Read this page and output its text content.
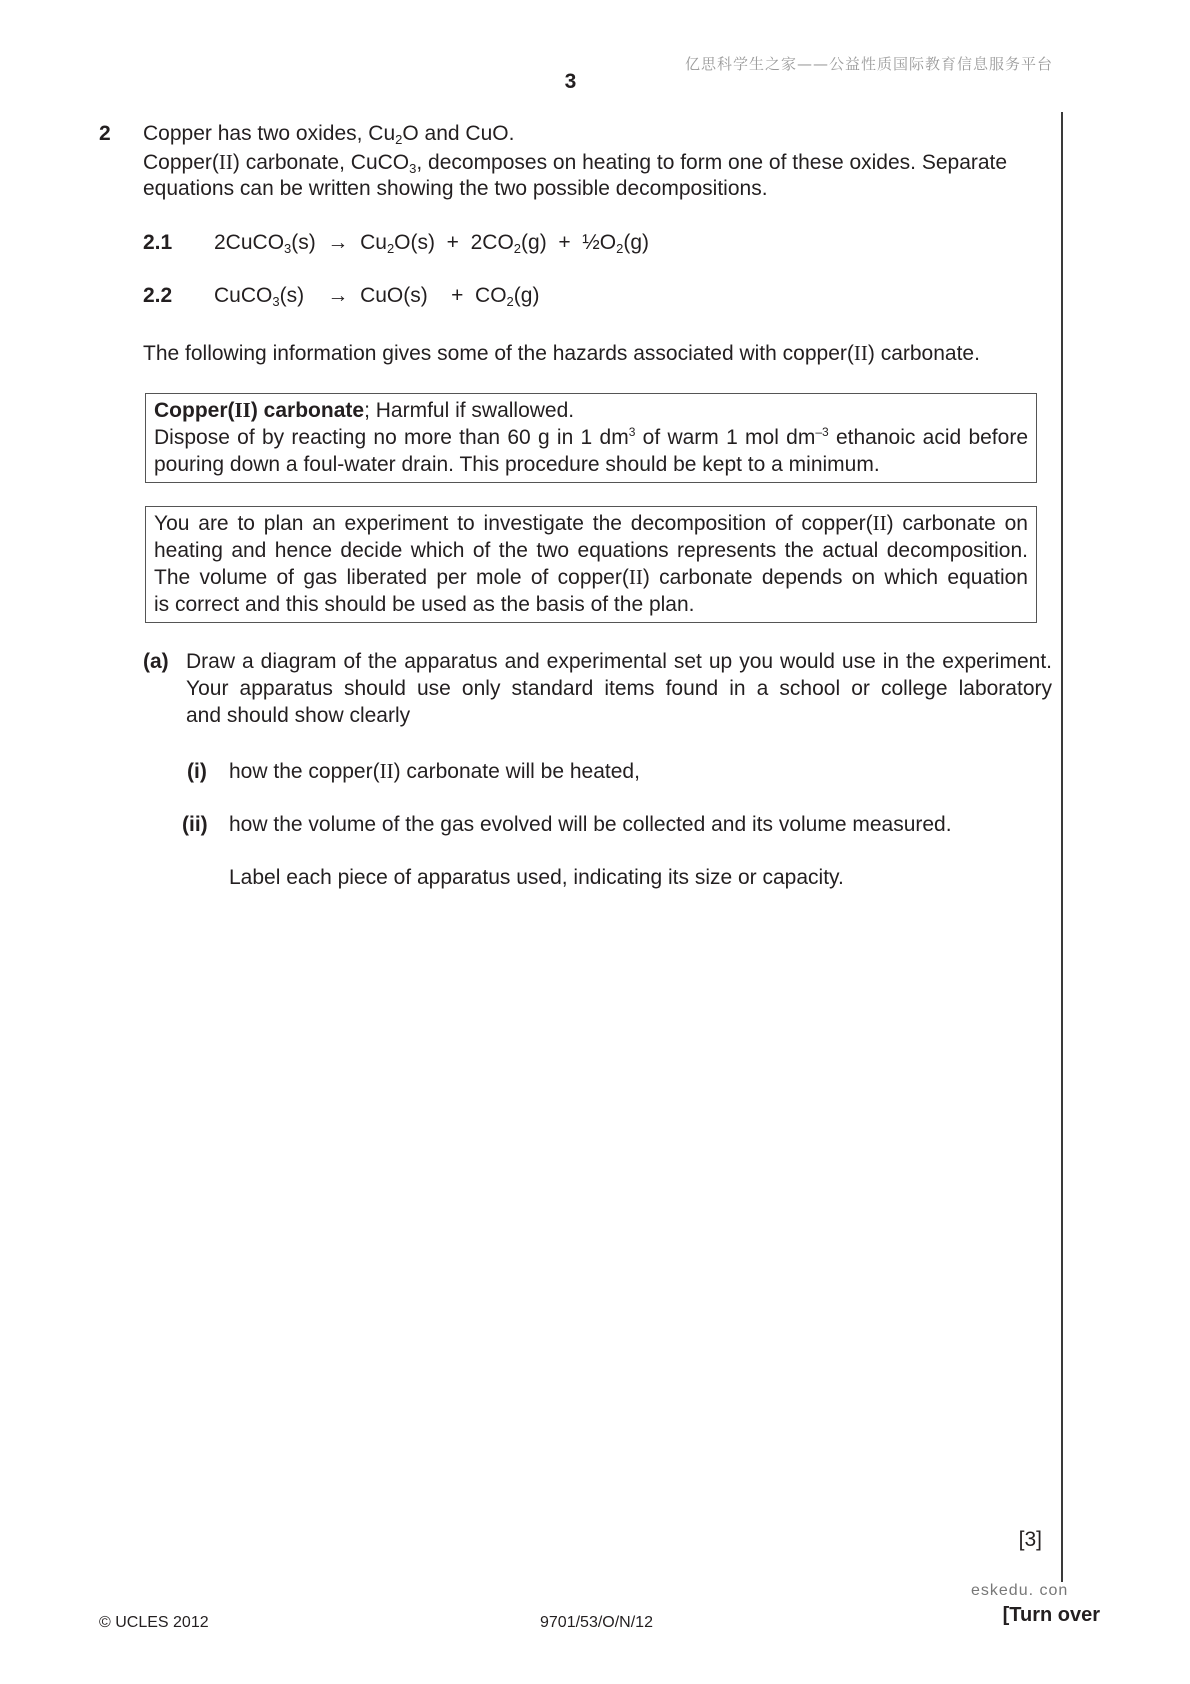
亿思科学生之家——公益性质国际教育信息服务平台
3
2 Copper has two oxides, $Cu_2O$ and CuO.
Copper(II) carbonate, CuCO$_3$, decomposes on heating to form one of these oxides. Separate
equations can be written showing the two possible decompositions.
2.1 2CuCO$_3$(s)  →  $Cu_2O(s) + 2CO_2(g)$  +  $\frac{1}{2}O_2(g)$
2.2 CuCO$_3$(s)    →  CuO(s)    +  $CO_2(g)$
The following information gives some of the hazards associated with copper(II) carbonate.
Copper(II) carbonate; Harmful if swallowed.
Dispose of by reacting no more than 60 g in 1 $dm^3$ of warm 1 mol $dm^{-3}$ ethanoic acid before
pouring down a foul-water drain. This procedure should be kept to a minimum.
You are to plan an experiment to investigate the decomposition of copper(II) carbonate on
heating and hence decide which of the two equations represents the actual decomposition.
The volume of gas liberated per mole of copper(II) carbonate depends on which equation
is correct and this should be used as the basis of the plan.
(a) Draw a diagram of the apparatus and experimental set up you would use in the experiment.
Your apparatus should use only standard items found in a school or college laboratory
and should show clearly
(i) how the copper(II) carbonate will be heated,
(ii) how the volume of the gas evolved will be collected and its volume measured.
Label each piece of apparatus used, indicating its size or capacity.
[3]
eskedu. con
© UCLES 2012	9701/53/O/N/12	[Turn over
